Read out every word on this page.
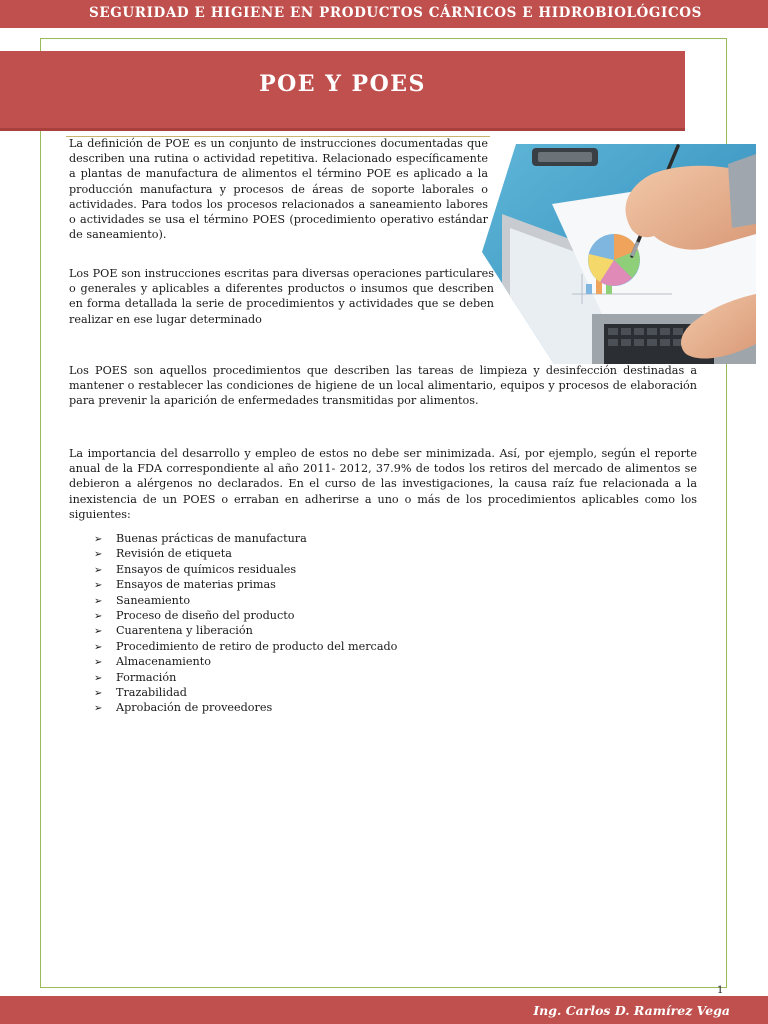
SEGURIDAD E HIGIENE EN PRODUCTOS CÁRNICOS E HIDROBIOLÓGICOS
POE Y POES

La definición de POE es un conjunto de instrucciones documentadas que describen una rutina o actividad repetitiva. Relacionado específicamente a plantas de manufactura de alimentos el término POE es aplicado a la producción manufactura y procesos de áreas de soporte laborales o actividades. Para todos los procesos relacionados a saneamiento labores o actividades se usa el término POES (procedimiento operativo estándar de saneamiento).

Los POE son instrucciones escritas para diversas operaciones particulares o generales y aplicables a diferentes productos o insumos que describen en forma detallada la serie de procedimientos y actividades que se deben realizar en ese lugar determinado

Los POES son aquellos procedimientos que describen las tareas de limpieza y desinfección destinadas a mantener o restablecer las condiciones de higiene de un local alimentario, equipos y procesos de elaboración para prevenir la aparición de enfermedades transmitidas por alimentos.

La importancia del desarrollo y empleo de estos no debe ser minimizada. Así, por ejemplo, según el reporte anual de la FDA correspondiente al año 2011- 2012, 37.9% de todos los retiros del mercado de alimentos se debieron a alérgenos no declarados. En el curso de las investigaciones, la causa raíz fue relacionada a la inexistencia de un POES o erraban en adherirse a uno o más de los procedimientos aplicables como los siguientes:

➢ Buenas prácticas de manufactura
➢ Revisión de etiqueta
➢ Ensayos de químicos residuales
➢ Ensayos de materias primas
➢ Saneamiento
➢ Proceso de diseño del producto
➢ Cuarentena y liberación
➢ Procedimiento de retiro de producto del mercado
➢ Almacenamiento
➢ Formación
➢ Trazabilidad
➢ Aprobación de proveedores
1
Ing. Carlos D. Ramírez Vega
